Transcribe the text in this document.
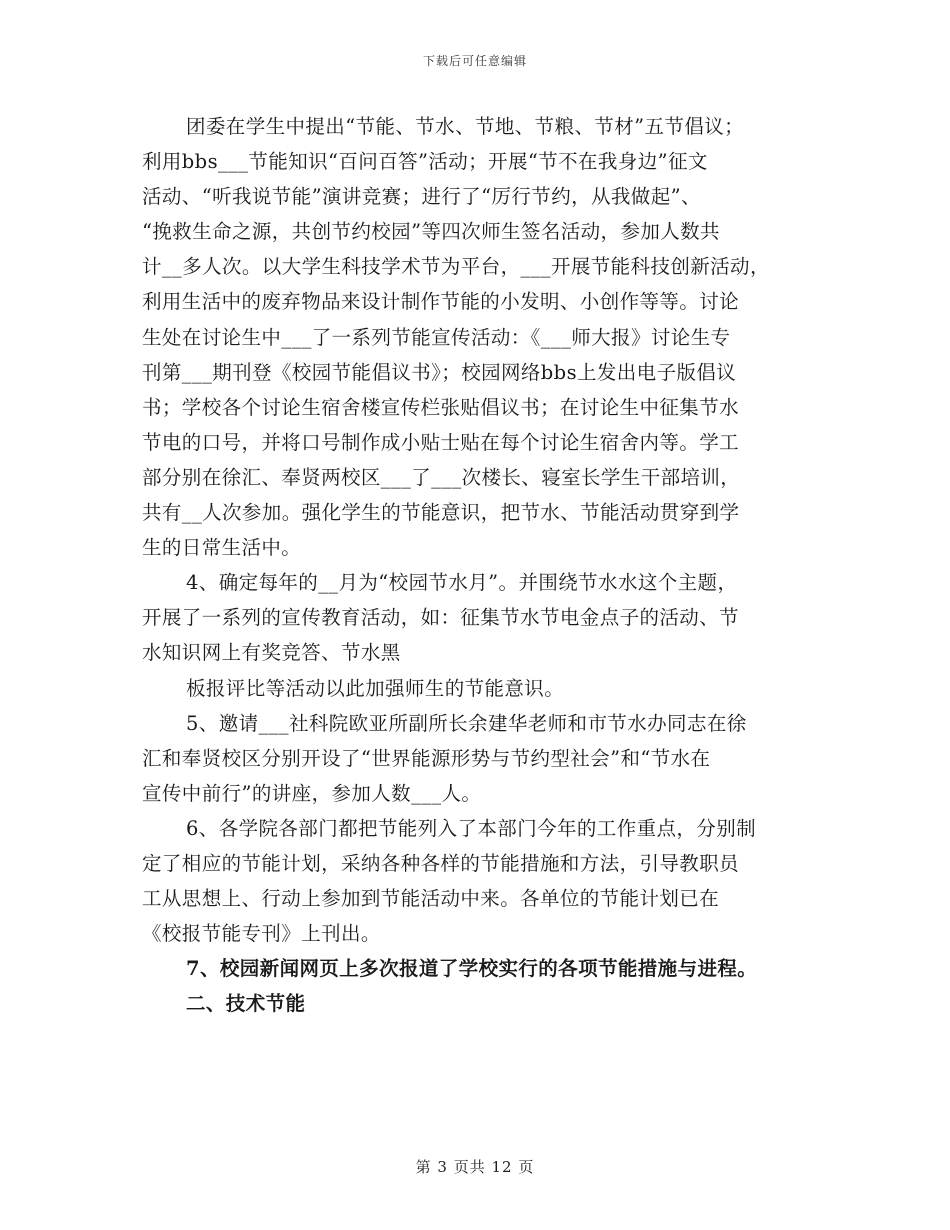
下载后可任意编辑
团委在学生中提出“节能、节水、节地、节粮、节材”五节倡议；
利用bbs___节能知识“百问百答”活动；开展“节不在我身边”征文
活动、“听我说节能”演讲竞赛；进行了“厉行节约，从我做起”、
“挽救生命之源，共创节约校园”等四次师生签名活动，参加人数共
计__多人次。以大学生科技学术节为平台，___开展节能科技创新活动，
利用生活中的废弃物品来设计制作节能的小发明、小创作等等。讨论
生处在讨论生中___了一系列节能宣传活动：《___师大报》讨论生专
刊第___期刊登《校园节能倡议书》；校园网络bbs上发出电子版倡议
书；学校各个讨论生宿舍楼宣传栏张贴倡议书；在讨论生中征集节水
节电的口号，并将口号制作成小贴士贴在每个讨论生宿舍内等。学工
部分别在徐汇、奉贤两校区___了___次楼长、寝室长学生干部培训，
共有__人次参加。强化学生的节能意识，把节水、节能活动贯穿到学
生的日常生活中。
4、确定每年的__月为“校园节水月”。并围绕节水水这个主题，
开展了一系列的宣传教育活动，如：征集节水节电金点子的活动、节
水知识网上有奖竞答、节水黑
板报评比等活动以此加强师生的节能意识。
5、邀请___社科院欧亚所副所长余建华老师和市节水办同志在徐
汇和奉贤校区分别开设了“世界能源形势与节约型社会”和“节水在
宣传中前行”的讲座，参加人数___人。
6、各学院各部门都把节能列入了本部门今年的工作重点，分别制
定了相应的节能计划，采纳各种各样的节能措施和方法，引导教职员
工从思想上、行动上参加到节能活动中来。各单位的节能计划已在
《校报节能专刊》上刊出。
7、校园新闻网页上多次报道了学校实行的各项节能措施与进程。
二、技术节能
第 3 页共 12 页
